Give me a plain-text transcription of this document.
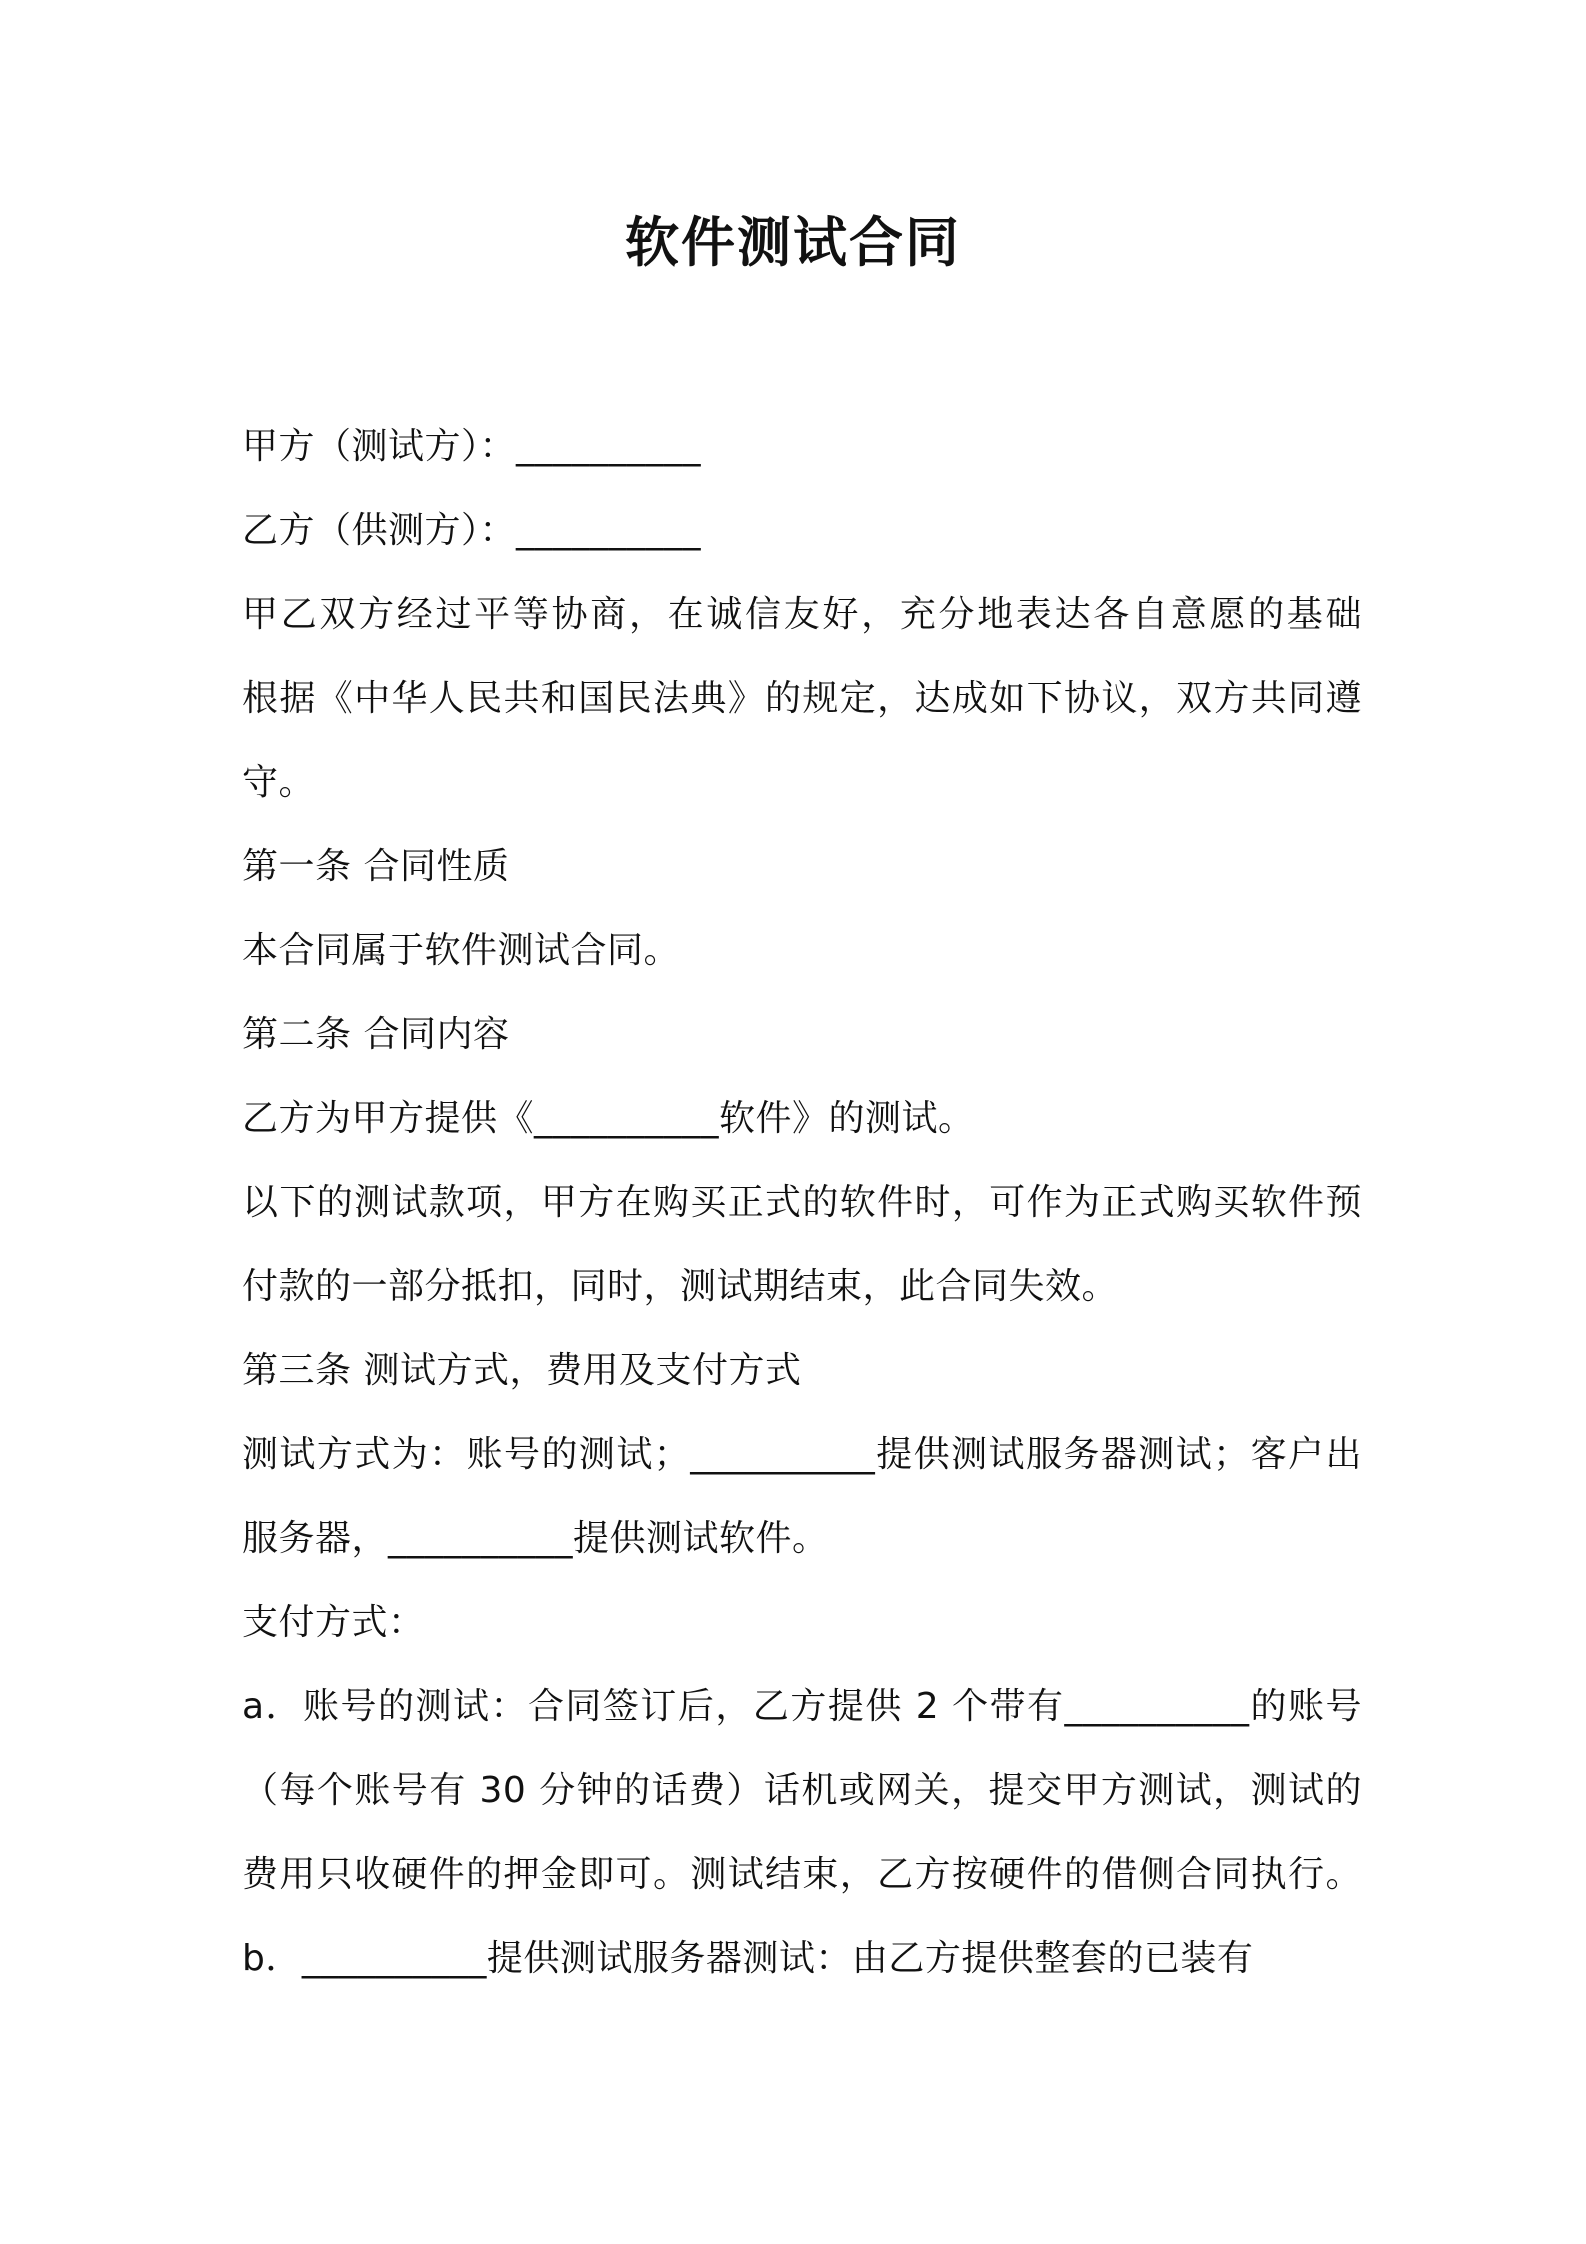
软件测试合同
甲方（测试方）：__________
乙方（供测方）：__________
甲乙双方经过平等协商，在诚信友好，充分地表达各自意愿的基础
根据《中华人民共和国民法典》的规定，达成如下协议，双方共同遵
守。
第一条 合同性质
本合同属于软件测试合同。
第二条 合同内容
乙方为甲方提供《__________软件》的测试。
以下的测试款项，甲方在购买正式的软件时，可作为正式购买软件预
付款的一部分抵扣，同时，测试期结束，此合同失效。
第三条 测试方式，费用及支付方式
测试方式为：账号的测试；__________提供测试服务器测试；客户出
服务器，__________提供测试软件。
支付方式：
a．账号的测试：合同签订后，乙方提供 2 个带有__________的账号
（每个账号有 30 分钟的话费）话机或网关，提交甲方测试，测试的
费用只收硬件的押金即可。测试结束，乙方按硬件的借侧合同执行。
b．__________提供测试服务器测试：由乙方提供整套的已装有
